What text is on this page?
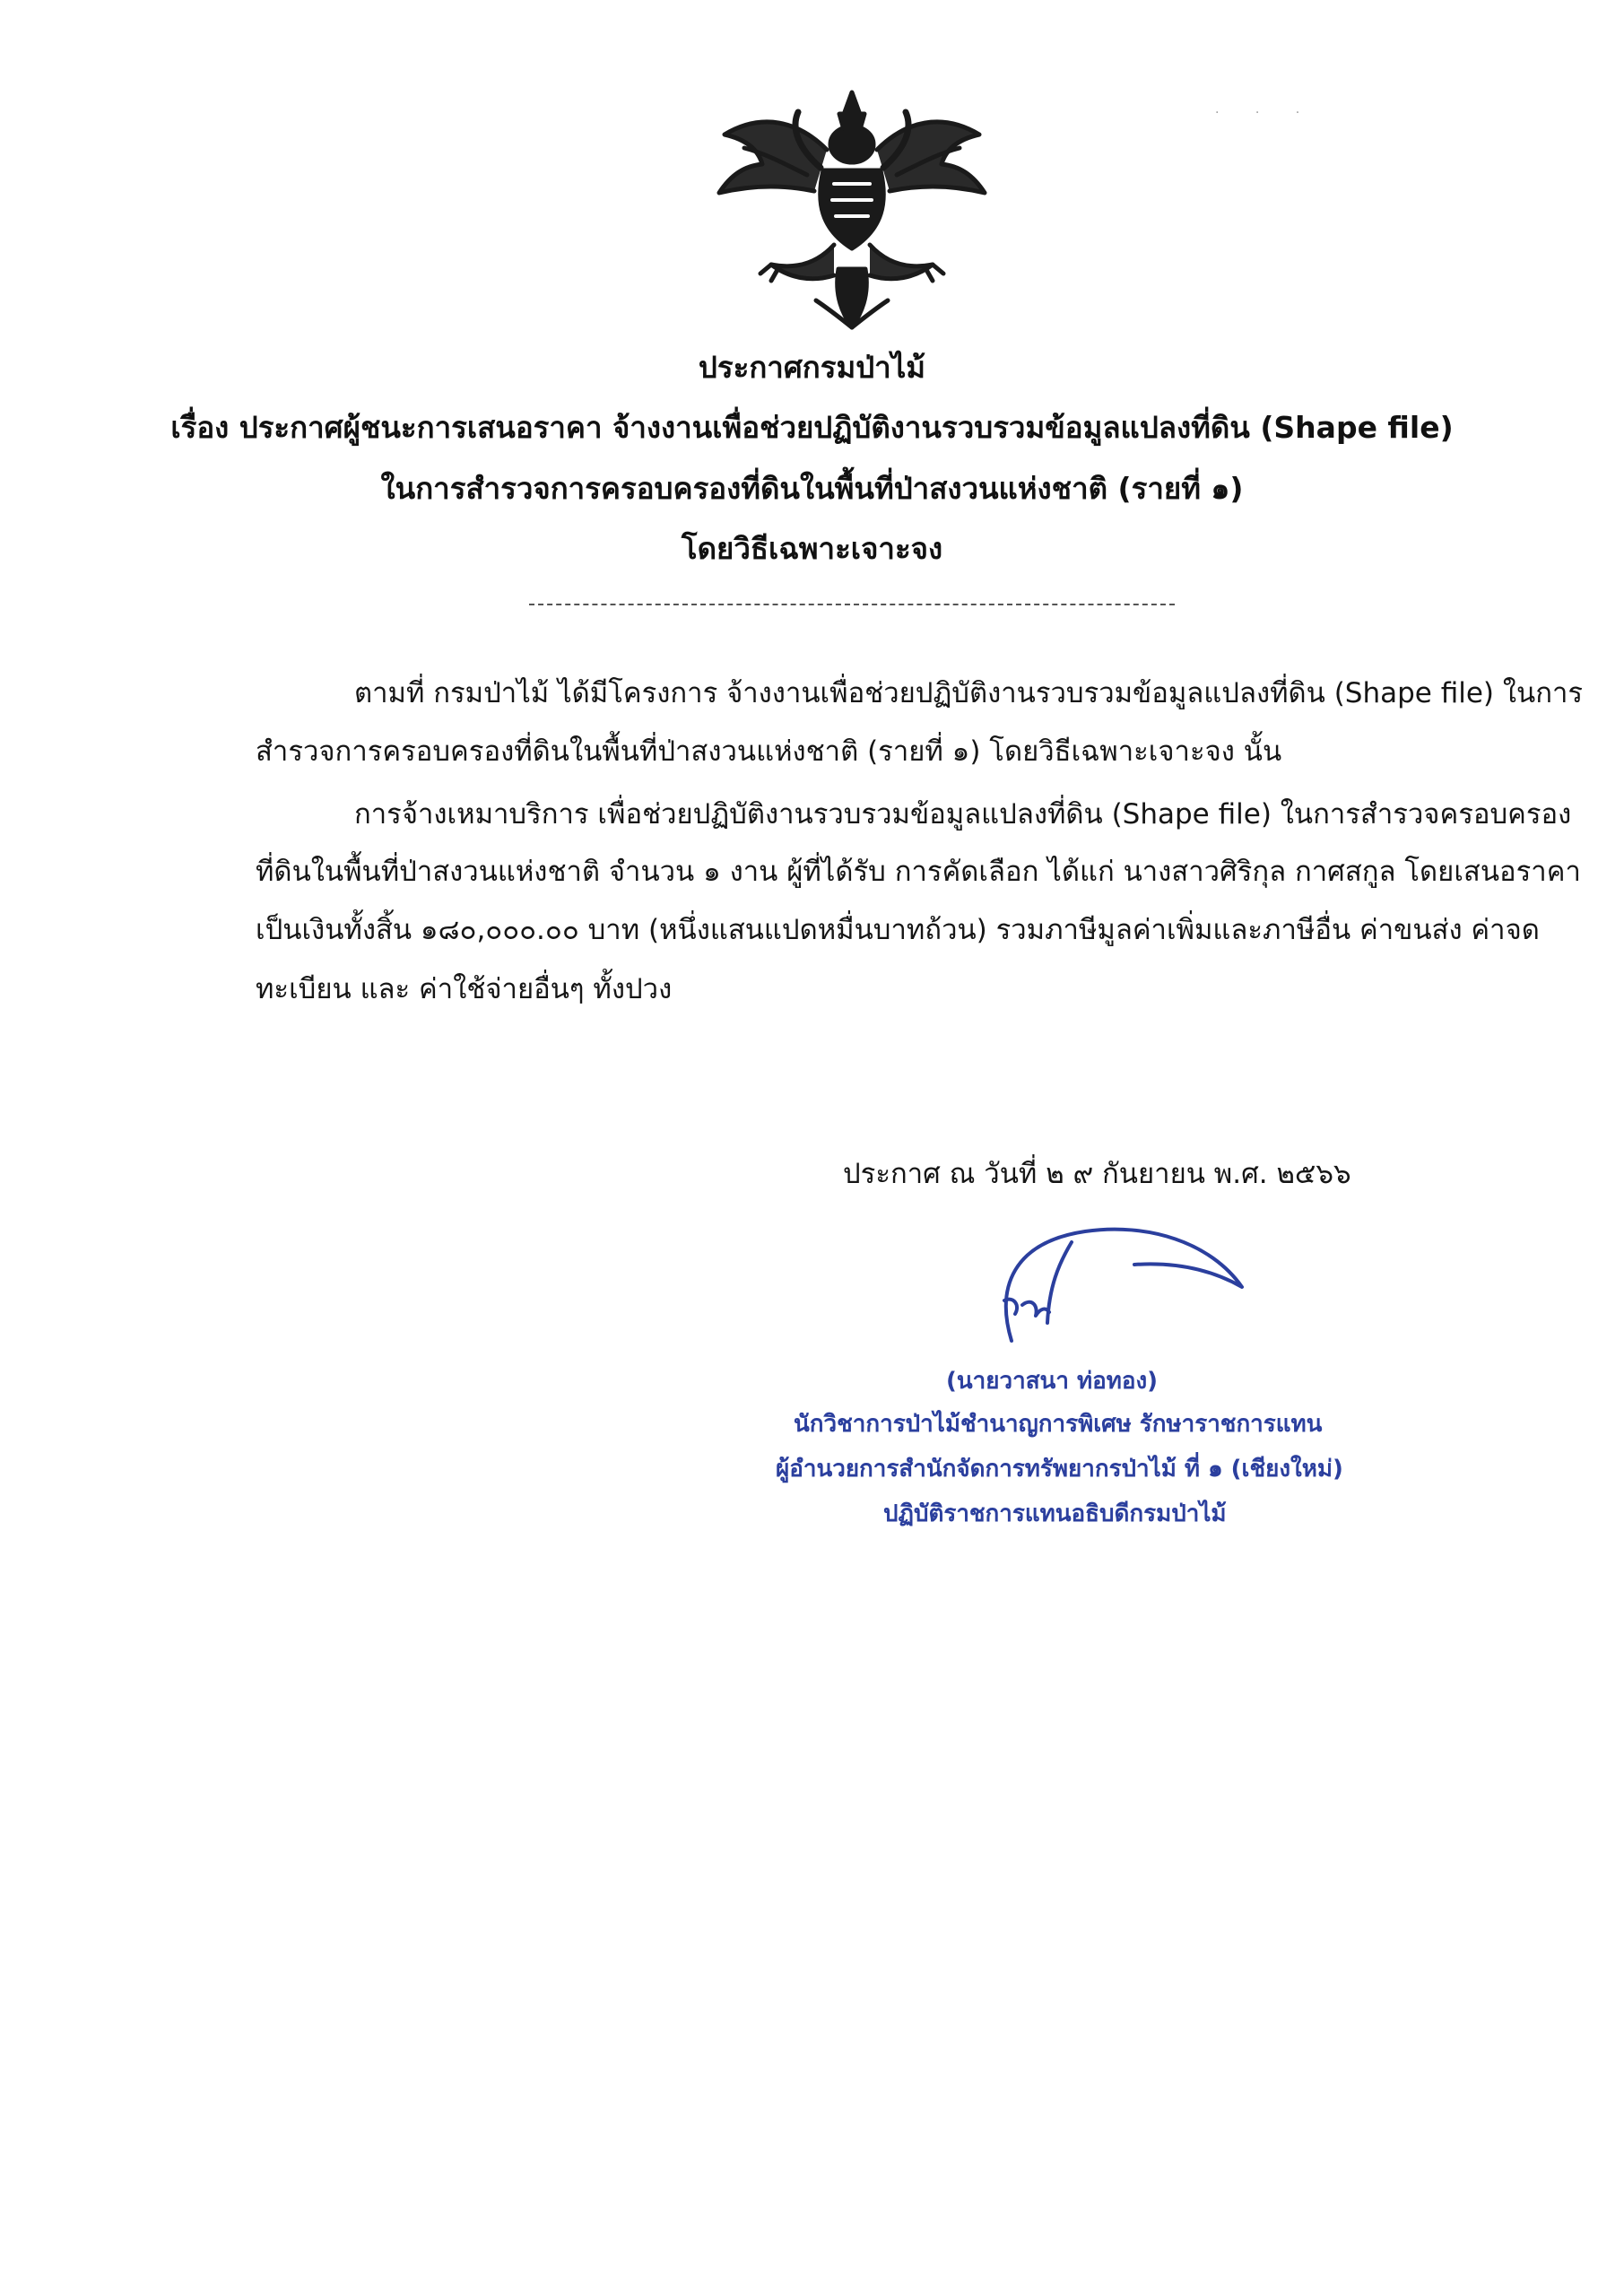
· · ·
ประกาศกรมป่าไม้
เรื่อง ประกาศผู้ชนะการเสนอราคา จ้างงานเพื่อช่วยปฏิบัติงานรวบรวมข้อมูลแปลงที่ดิน (Shape file)
ในการสำรวจการครอบครองที่ดินในพื้นที่ป่าสงวนแห่งชาติ (รายที่ ๑)
โดยวิธีเฉพาะเจาะจง
ตามที่ กรมป่าไม้ ได้มีโครงการ จ้างงานเพื่อช่วยปฏิบัติงานรวบรวมข้อมูลแปลงที่ดิน (Shape file) ในการ
สำรวจการครอบครองที่ดินในพื้นที่ป่าสงวนแห่งชาติ (รายที่ ๑) โดยวิธีเฉพาะเจาะจง นั้น
การจ้างเหมาบริการ เพื่อช่วยปฏิบัติงานรวบรวมข้อมูลแปลงที่ดิน (Shape file) ในการสำรวจครอบครอง
ที่ดินในพื้นที่ป่าสงวนแห่งชาติ จำนวน ๑ งาน ผู้ที่ได้รับ การคัดเลือก ได้แก่ นางสาวศิริกุล กาศสกูล โดยเสนอราคา
เป็นเงินทั้งสิ้น ๑๘๐,๐๐๐.๐๐ บาท (หนึ่งแสนแปดหมื่นบาทถ้วน) รวมภาษีมูลค่าเพิ่มและภาษีอื่น ค่าขนส่ง ค่าจด
ทะเบียน และ ค่าใช้จ่ายอื่นๆ ทั้งปวง
ประกาศ ณ วันที่ ๒ ๙ กันยายน พ.ศ. ๒๕๖๖
(นายวาสนา ท่อทอง)
นักวิชาการป่าไม้ชำนาญการพิเศษ รักษาราชการแทน
ผู้อำนวยการสำนักจัดการทรัพยากรป่าไม้ ที่ ๑ (เชียงใหม่)
ปฏิบัติราชการแทนอธิบดีกรมป่าไม้
